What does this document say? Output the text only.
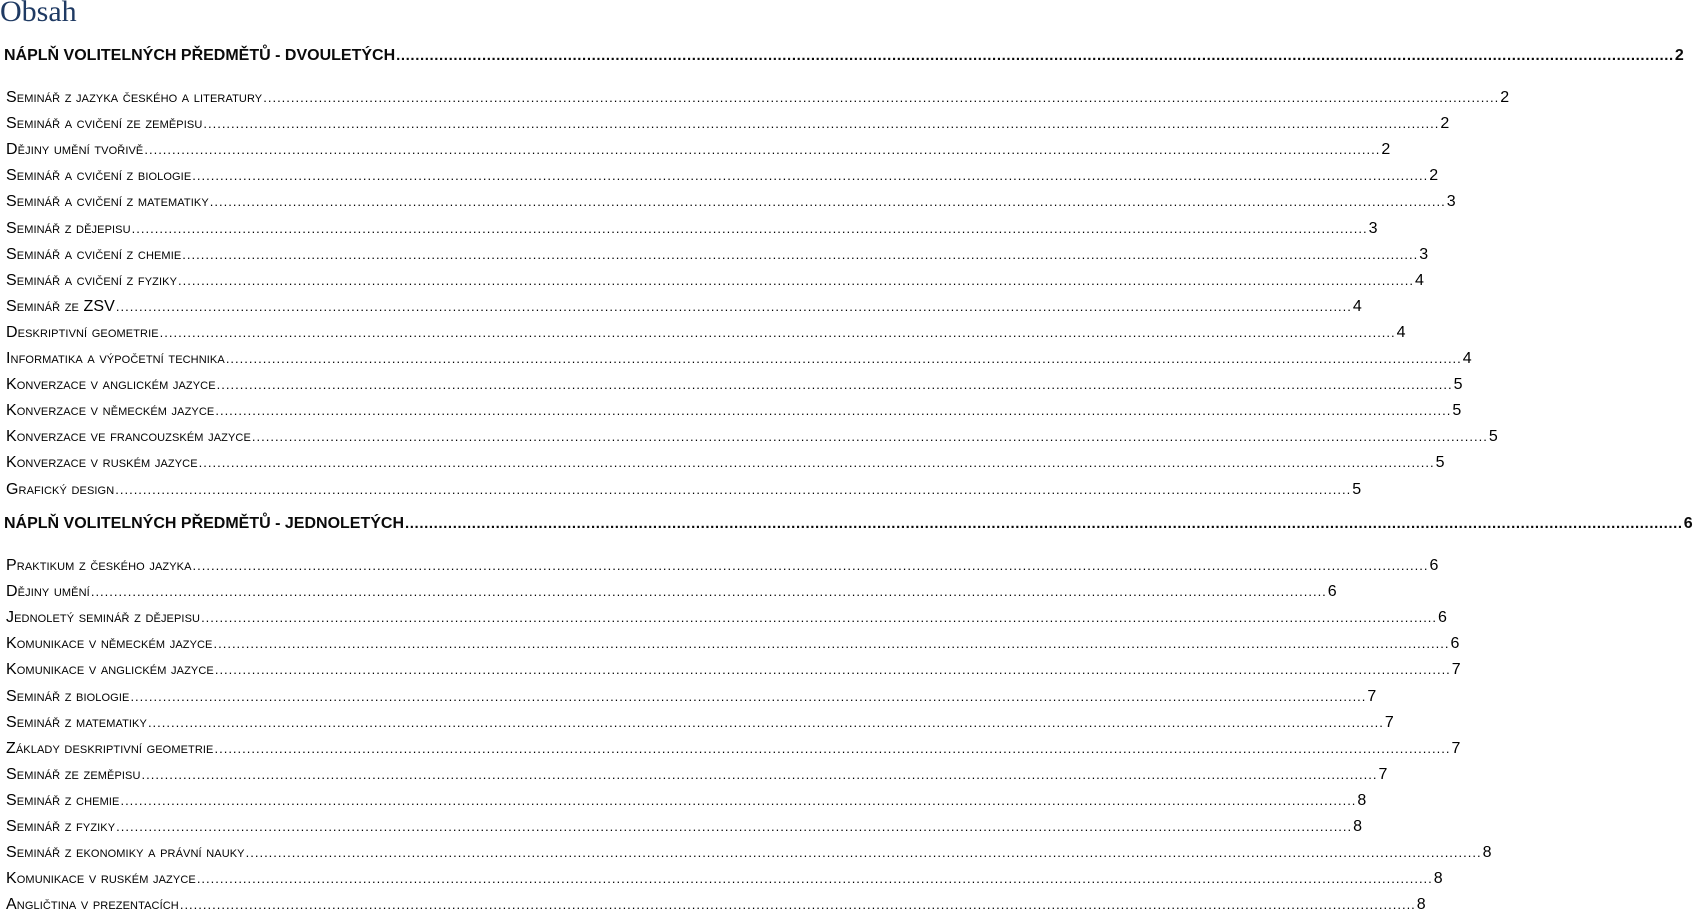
Obsah
NÁPLŇ VOLITELNÝCH PŘEDMĚTŮ - DVOULETÝCH .....	2
Seminář z jazyka českého a literatury .....	2
Seminář a cvičení ze zeměpisu .....	2
Dějiny umění tvořivě .....	2
Seminář a cvičení z biologie .....	2
Seminář a cvičení z matematiky .....	3
Seminář z dějepisu .....	3
Seminář a cvičení z chemie .....	3
Seminář a cvičení z fyziky .....	4
Seminář ze ZSV .....	4
Deskriptivní geometrie .....	4
Informatika a výpočetní technika .....	4
Konverzace v anglickém jazyce .....	5
Konverzace v německém jazyce .....	5
Konverzace ve francouzském jazyce .....	5
Konverzace v ruském jazyce .....	5
Grafický design .....	5
NÁPLŇ VOLITELNÝCH PŘEDMĚTŮ - JEDNOLETÝCH .....	6
Praktikum z českého jazyka .....	6
Dějiny umění .....	6
Jednoletý seminář z dějepisu .....	6
Komunikace v německém jazyce .....	6
Komunikace v anglickém jazyce .....	7
Seminář z biologie .....	7
Seminář z matematiky .....	7
Základy deskriptivní geometrie .....	7
Seminář ze zeměpisu .....	7
Seminář z chemie .....	8
Seminář z fyziky .....	8
Seminář z ekonomiky a právní nauky .....	8
Komunikace v ruském jazyce .....	8
Angličtina v prezentacích .....	8
